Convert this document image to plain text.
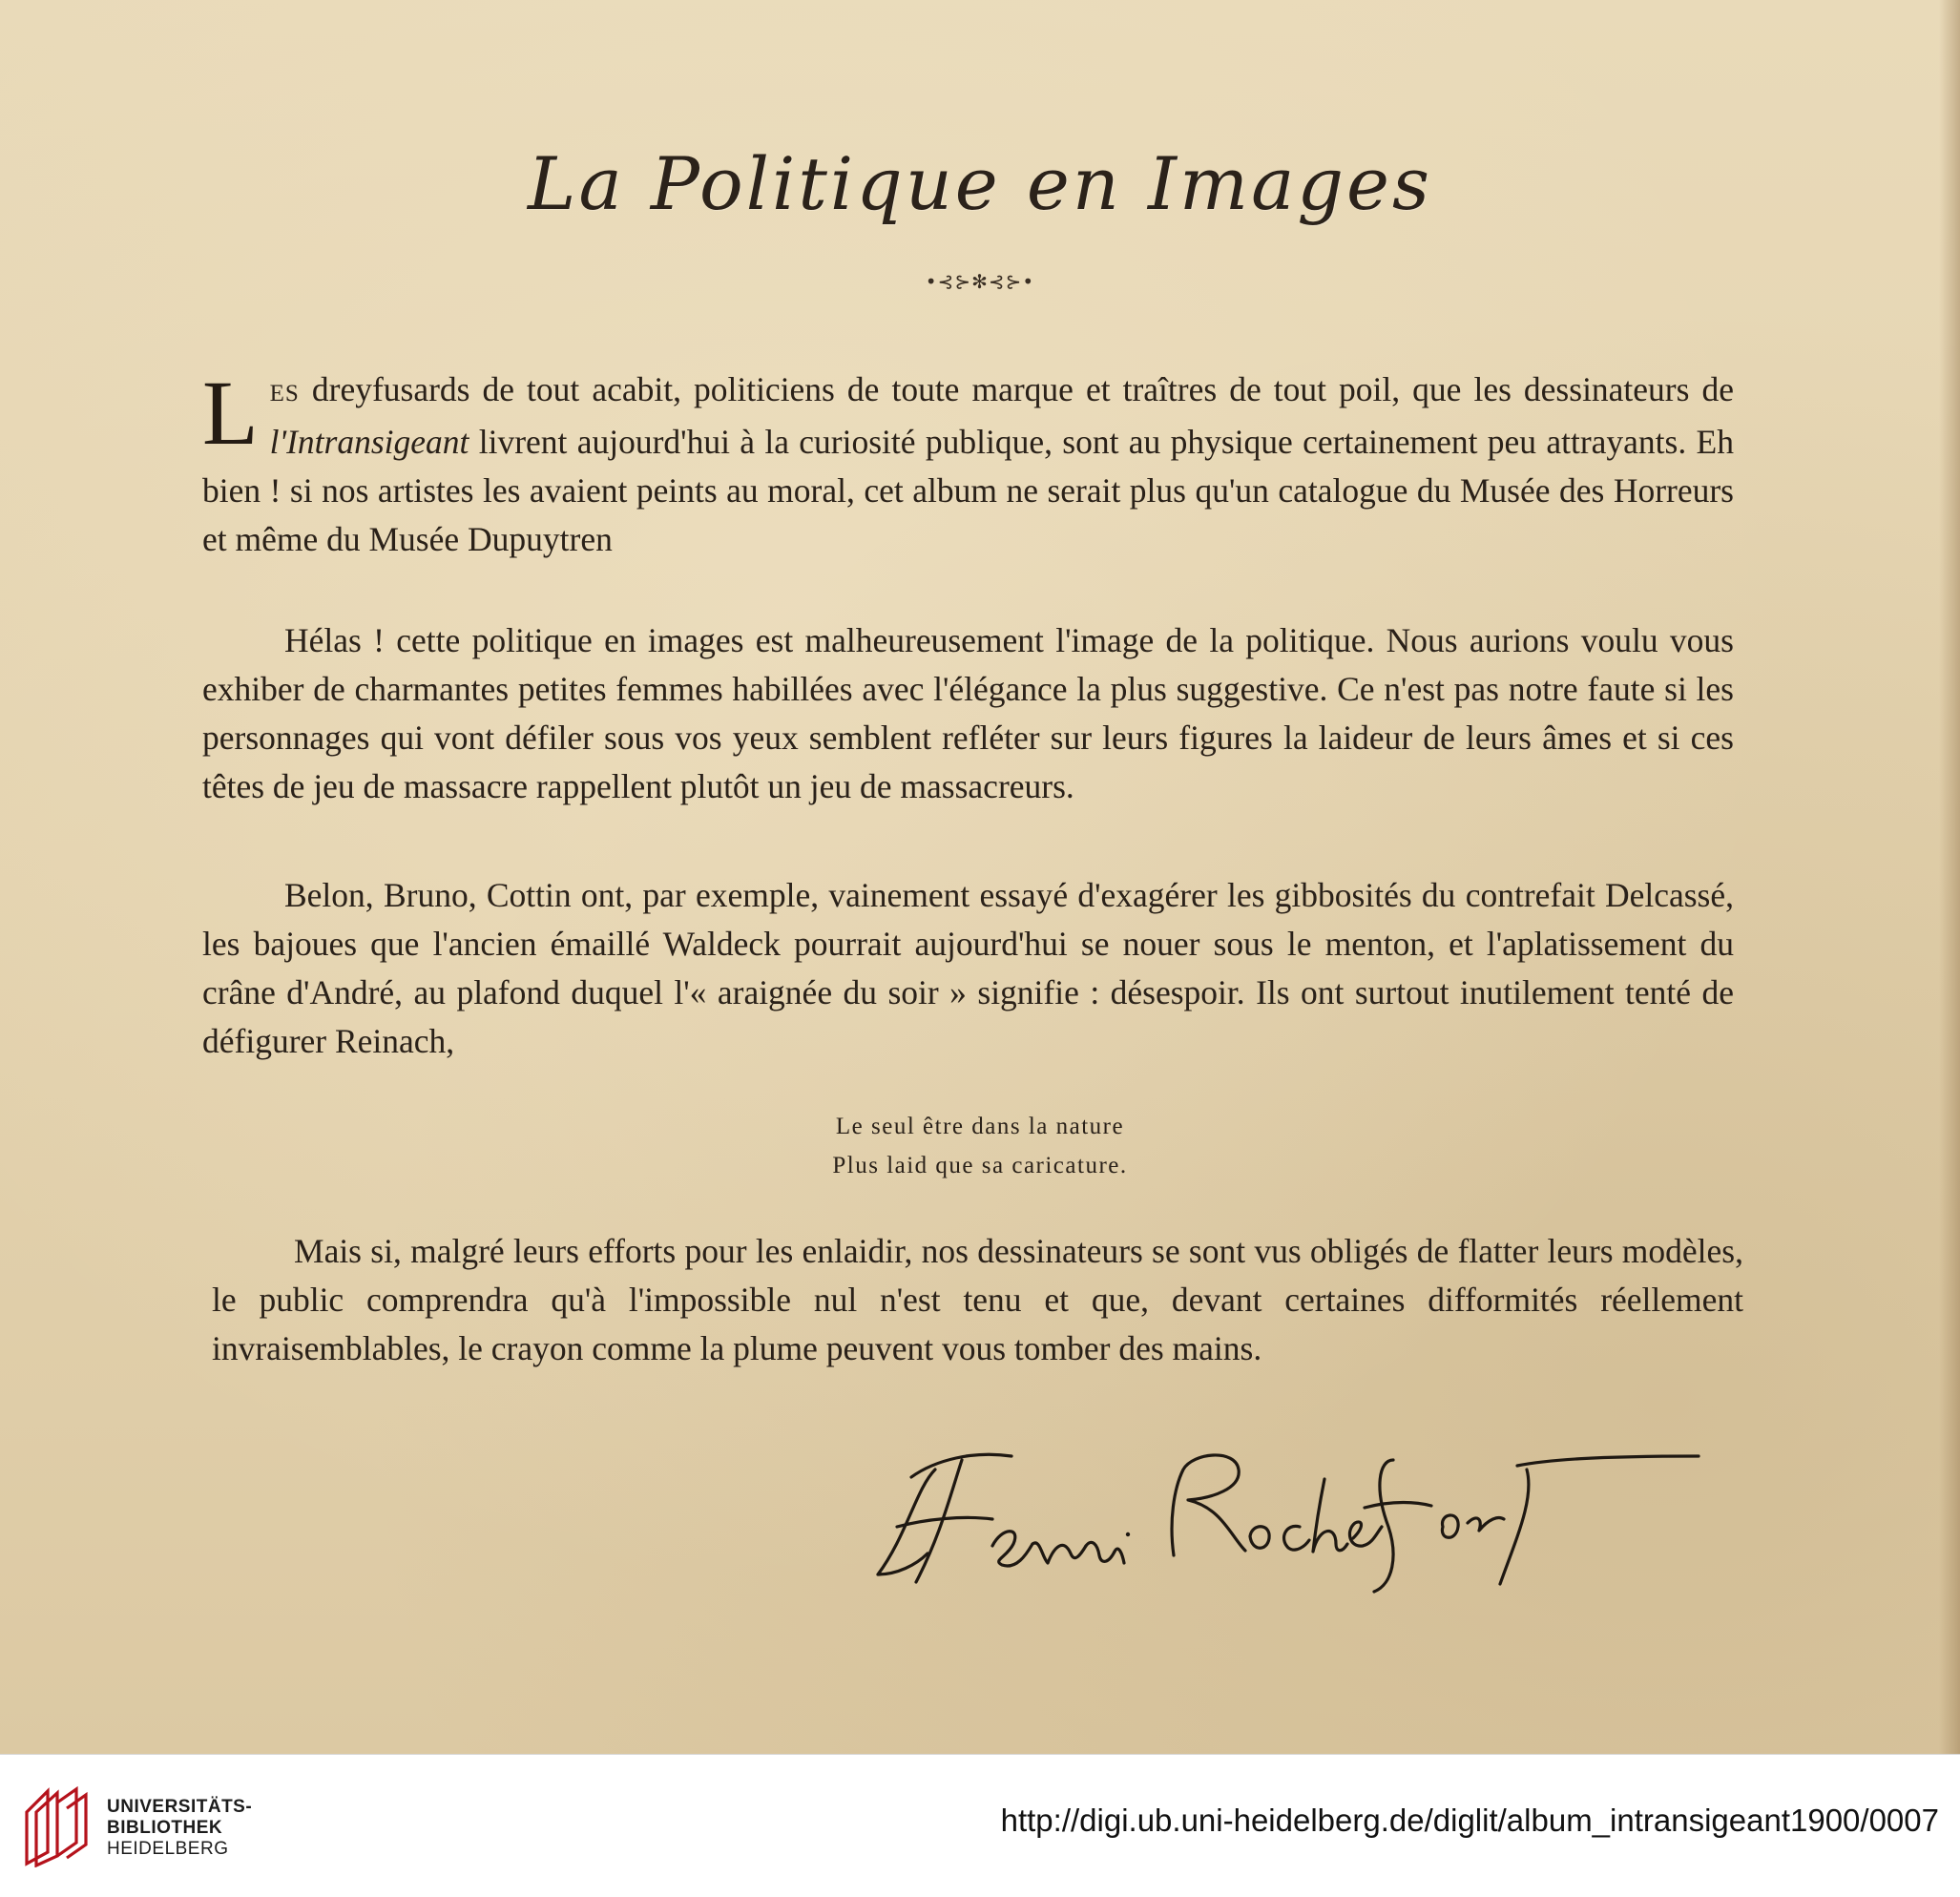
La Politique en Images
•⊰⊱✻⊰⊱•

LES dreyfusards de tout acabit, politiciens de toute marque et traîtres de tout poil, que les dessinateurs de l'Intransigeant livrent aujourd'hui à la curiosité publique, sont au physique certainement peu attrayants. Eh bien ! si nos artistes les avaient peints au moral, cet album ne serait plus qu'un catalogue du Musée des Horreurs et même du Musée Dupuytren

Hélas ! cette politique en images est malheureusement l'image de la politique. Nous aurions voulu vous exhiber de charmantes petites femmes habillées avec l'élégance la plus suggestive. Ce n'est pas notre faute si les personnages qui vont défiler sous vos yeux semblent refléter sur leurs figures la laideur de leurs âmes et si ces têtes de jeu de massacre rappellent plutôt un jeu de massacreurs.

Belon, Bruno, Cottin ont, par exemple, vainement essayé d'exagérer les gibbosités du contrefait Delcassé, les bajoues que l'ancien émaillé Waldeck pourrait aujourd'hui se nouer sous le menton, et l'aplatissement du crâne d'André, au plafond duquel l'« araignée du soir » signifie : désespoir. Ils ont surtout inutilement tenté de défigurer Reinach,

Le seul être dans la nature
Plus laid que sa caricature.

Mais si, malgré leurs efforts pour les enlaidir, nos dessinateurs se sont vus obligés de flatter leurs modèles, le public comprendra qu'à l'impossible nul n'est tenu et que, devant certaines difformités réellement invraisemblables, le crayon comme la plume peuvent vous tomber des mains.

UNIVERSITÄTS-
BIBLIOTHEK
HEIDELBERG
http://digi.ub.uni-heidelberg.de/diglit/album_intransigeant1900/0007
